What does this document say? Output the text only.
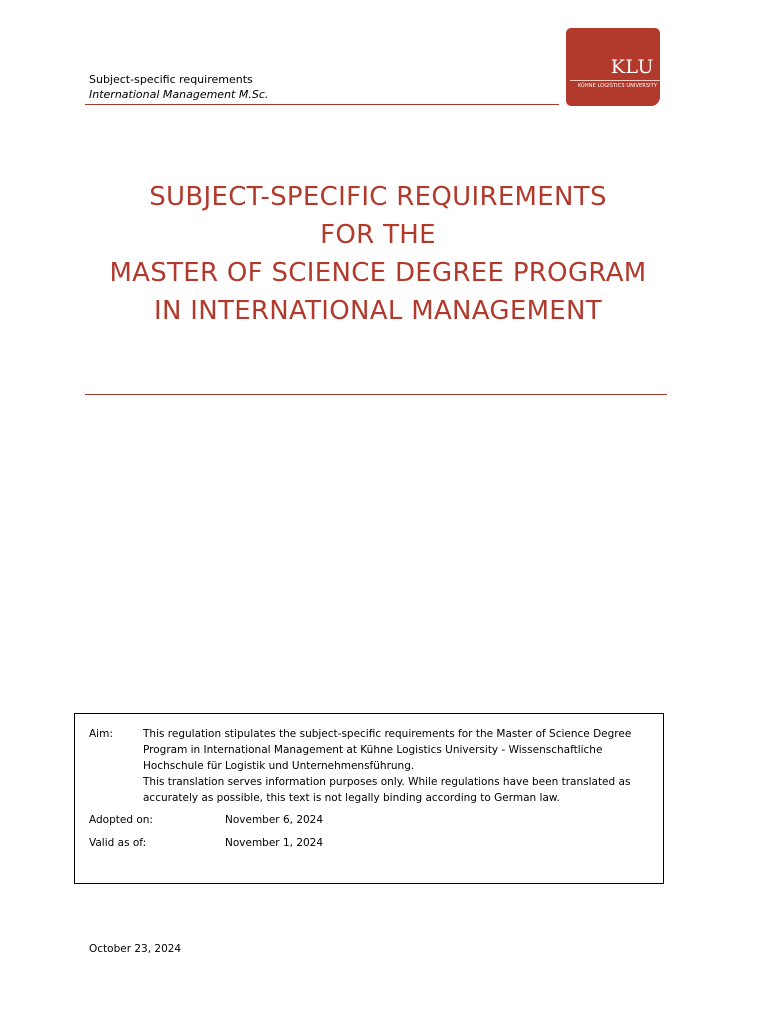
Subject-specific requirements
International Management M.Sc.
KLU
KÜHNE LOGISTICS UNIVERSITY
SUBJECT-SPECIFIC REQUIREMENTS
FOR THE
MASTER OF SCIENCE DEGREE PROGRAM
IN INTERNATIONAL MANAGEMENT
Aim:	This regulation stipulates the subject-specific requirements for the Master of Science Degree
Program in International Management at Kühne Logistics University - Wissenschaftliche
Hochschule für Logistik und Unternehmensführung.
This translation serves information purposes only. While regulations have been translated as
accurately as possible, this text is not legally binding according to German law.
Adopted on:	November 6, 2024
Valid as of:	November 1, 2024
October 23, 2024
